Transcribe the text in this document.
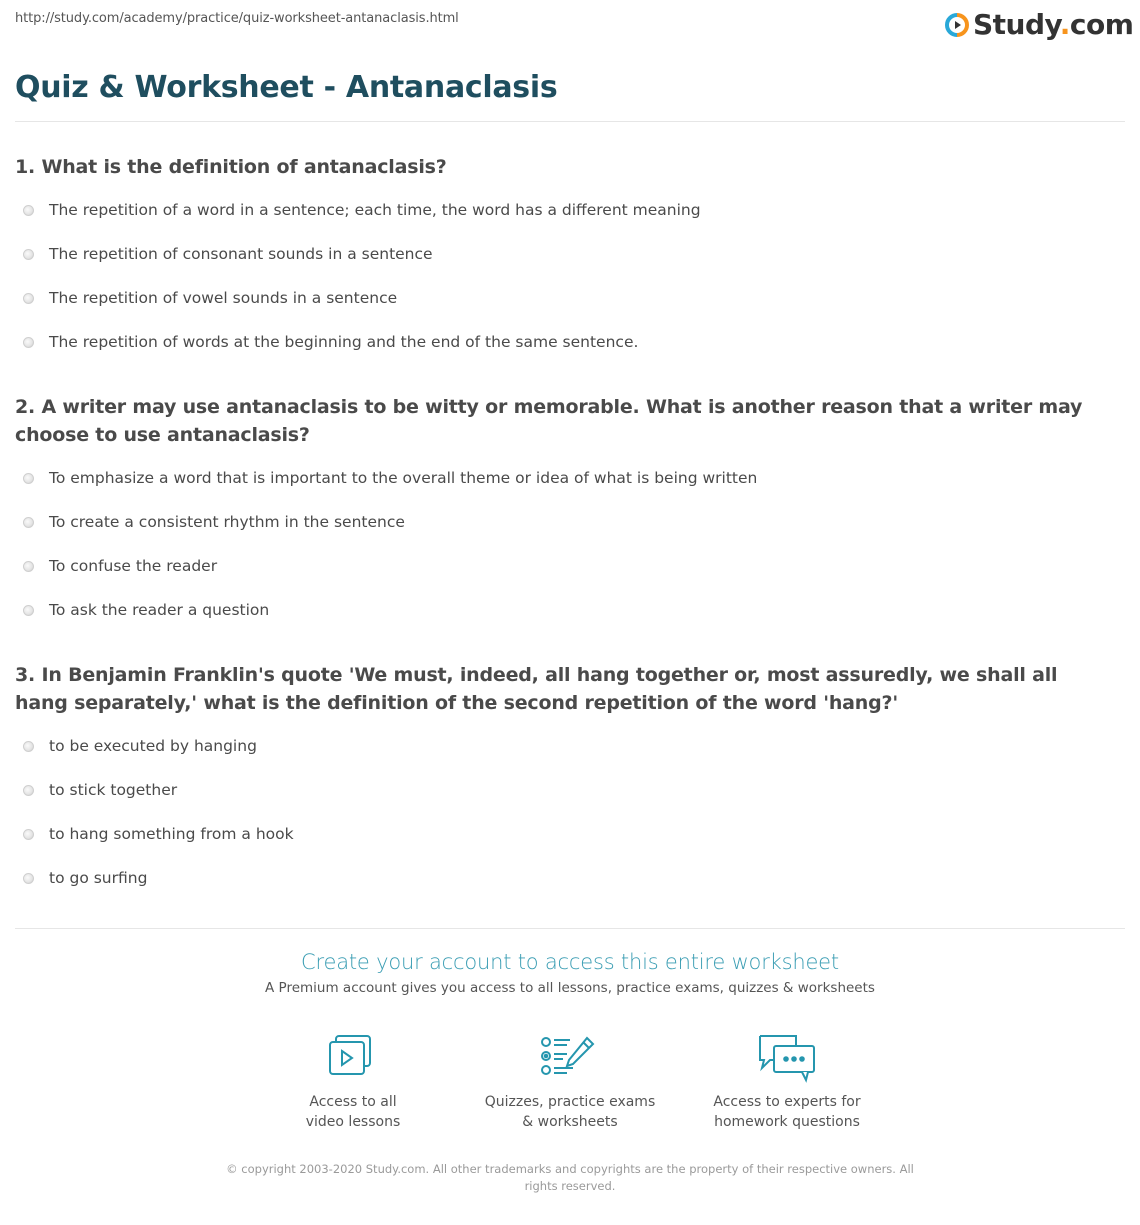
http://study.com/academy/practice/quiz-worksheet-antanaclasis.html	Study.com
Quiz & Worksheet - Antanaclasis
1. What is the definition of antanaclasis?
The repetition of a word in a sentence; each time, the word has a different meaning
The repetition of consonant sounds in a sentence
The repetition of vowel sounds in a sentence
The repetition of words at the beginning and the end of the same sentence.
2. A writer may use antanaclasis to be witty or memorable. What is another reason that a writer may choose to use antanaclasis?
To emphasize a word that is important to the overall theme or idea of what is being written
To create a consistent rhythm in the sentence
To confuse the reader
To ask the reader a question
3. In Benjamin Franklin's quote 'We must, indeed, all hang together or, most assuredly, we shall all hang separately,' what is the definition of the second repetition of the word 'hang?'
to be executed by hanging
to stick together
to hang something from a hook
to go surfing
Create your account to access this entire worksheet
A Premium account gives you access to all lessons, practice exams, quizzes & worksheets
Access to all
video lessons
Quizzes, practice exams
& worksheets
Access to experts for
homework questions
© copyright 2003-2020 Study.com. All other trademarks and copyrights are the property of their respective owners. All rights reserved.
